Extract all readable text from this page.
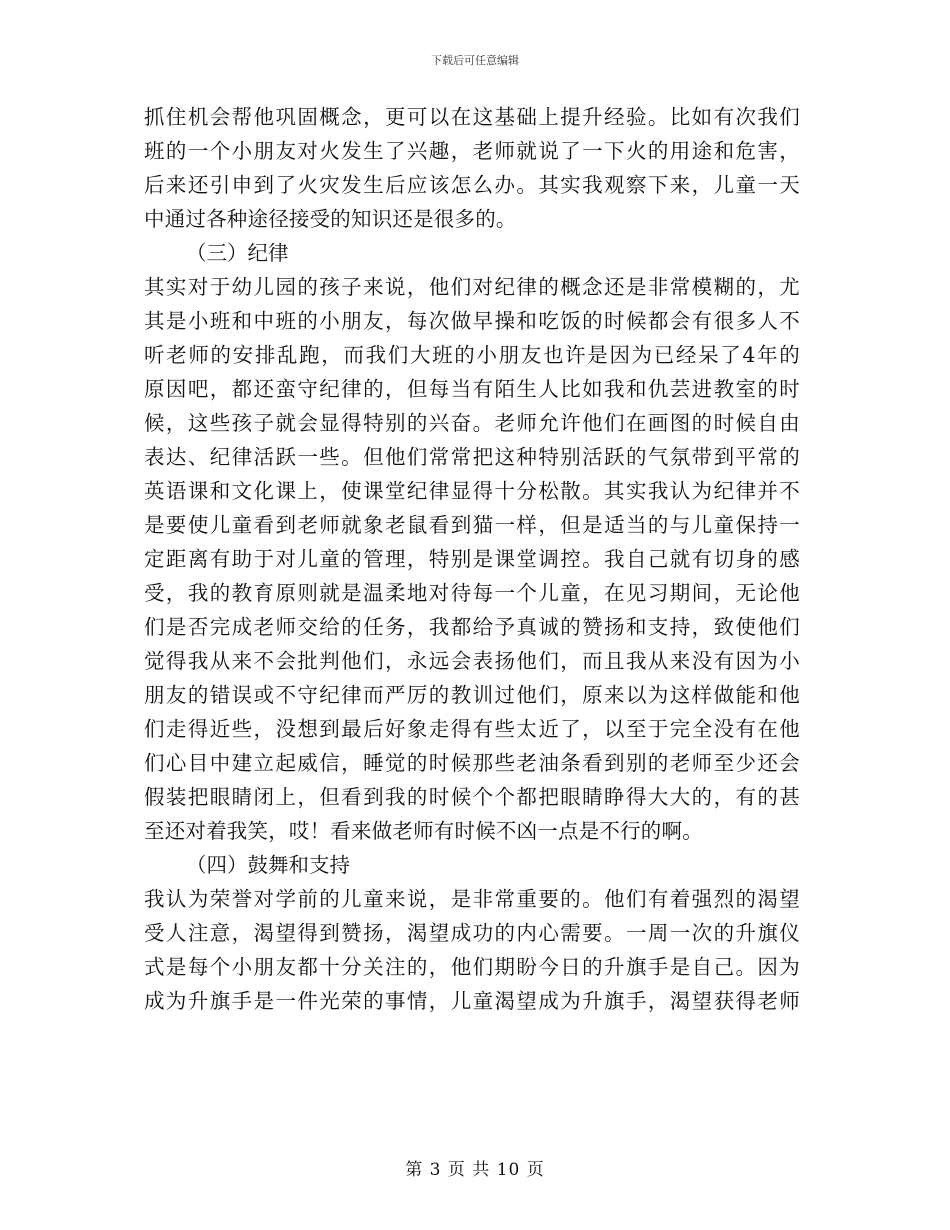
下载后可任意编辑
抓住机会帮他巩固概念，更可以在这基础上提升经验。比如有次我们
班的一个小朋友对火发生了兴趣，老师就说了一下火的用途和危害，
后来还引申到了火灾发生后应该怎么办。其实我观察下来，儿童一天
中通过各种途径接受的知识还是很多的。
（三）纪律
其实对于幼儿园的孩子来说，他们对纪律的概念还是非常模糊的，尤
其是小班和中班的小朋友，每次做早操和吃饭的时候都会有很多人不
听老师的安排乱跑，而我们大班的小朋友也许是因为已经呆了4年的
原因吧，都还蛮守纪律的，但每当有陌生人比如我和仇芸进教室的时
候，这些孩子就会显得特别的兴奋。老师允许他们在画图的时候自由
表达、纪律活跃一些。但他们常常把这种特别活跃的气氛带到平常的
英语课和文化课上，使课堂纪律显得十分松散。其实我认为纪律并不
是要使儿童看到老师就象老鼠看到猫一样，但是适当的与儿童保持一
定距离有助于对儿童的管理，特别是课堂调控。我自己就有切身的感
受，我的教育原则就是温柔地对待每一个儿童，在见习期间，无论他
们是否完成老师交给的任务，我都给予真诚的赞扬和支持，致使他们
觉得我从来不会批判他们，永远会表扬他们，而且我从来没有因为小
朋友的错误或不守纪律而严厉的教训过他们，原来以为这样做能和他
们走得近些，没想到最后好象走得有些太近了，以至于完全没有在他
们心目中建立起威信，睡觉的时候那些老油条看到别的老师至少还会
假装把眼睛闭上，但看到我的时候个个都把眼睛睁得大大的，有的甚
至还对着我笑，哎！看来做老师有时候不凶一点是不行的啊。
（四）鼓舞和支持
我认为荣誉对学前的儿童来说，是非常重要的。他们有着强烈的渴望
受人注意，渴望得到赞扬，渴望成功的内心需要。一周一次的升旗仪
式是每个小朋友都十分关注的，他们期盼今日的升旗手是自己。因为
成为升旗手是一件光荣的事情，儿童渴望成为升旗手，渴望获得老师
第 3 页 共 10 页
